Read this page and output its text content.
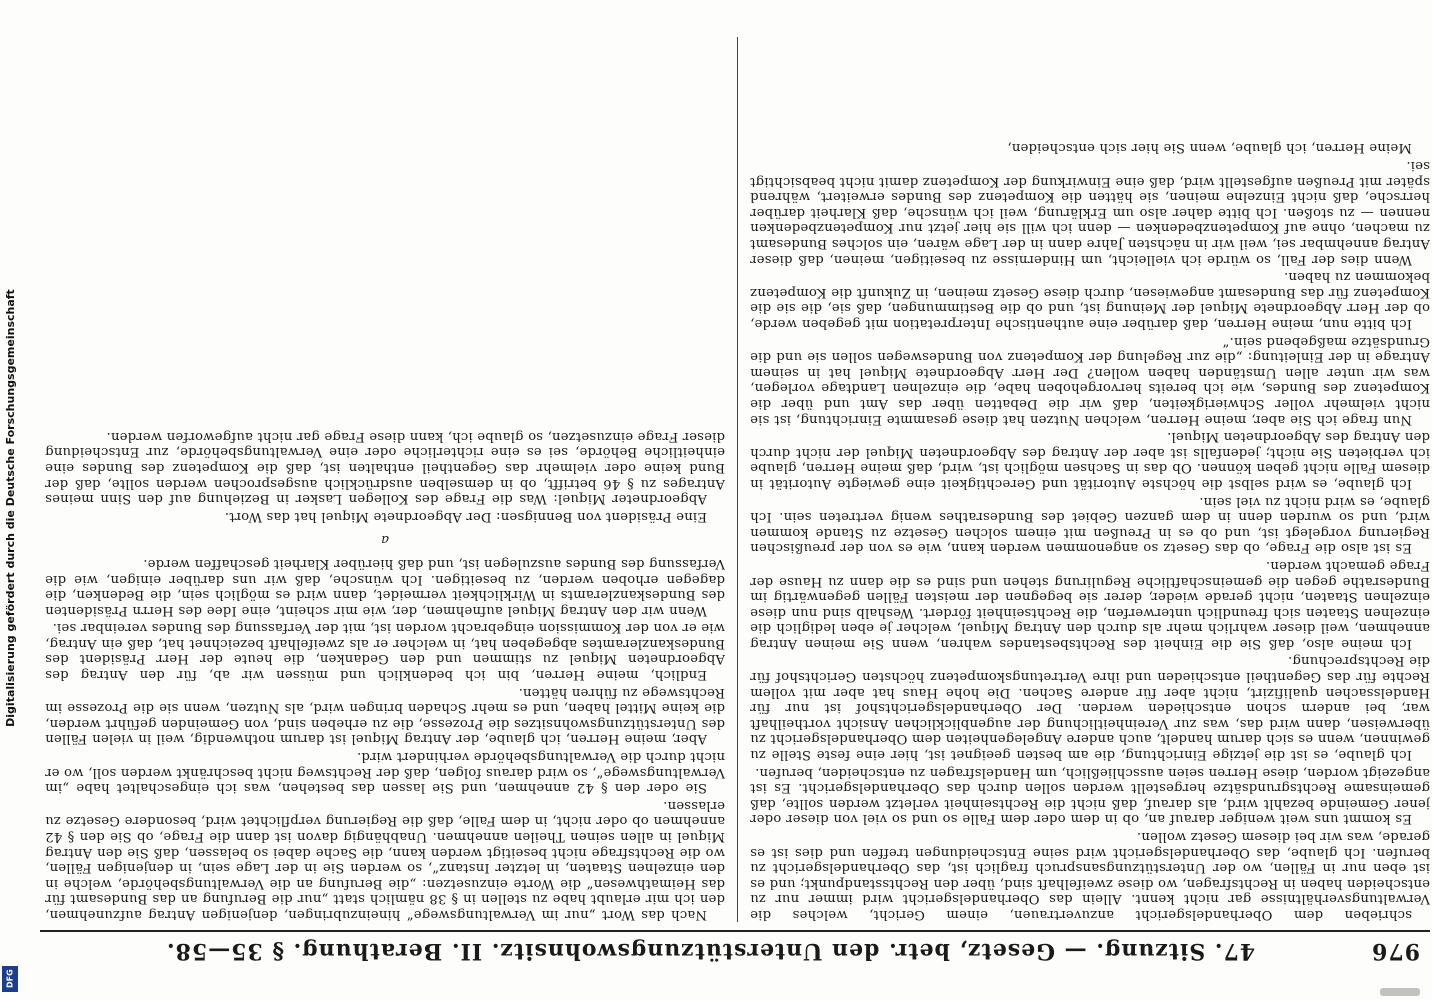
Digitalisierung gefördert durch die Deutsche Forschungsgemeinschaft
DFG
976
47. Sitzung. — Gesetz, betr. den Unterstützungswohnsitz. II. Berathung. § 35—58.

schrieben dem Oberhandelsgericht anzuvertrauen, einem Gericht, welches die Verwaltungsverhältnisse gar nicht kennt. Allein das Oberhandelsgericht wird immer nur zu entscheiden haben in Rechtsfragen, wo diese zweifelhaft sind, über den Rechtsstandpunkt; und es ist eben nur in Fällen, wo der Unterstützungsanspruch fraglich ist, das Oberhandelsgericht zu berufen. Ich glaube, das Oberhandelsgericht wird seine Entscheidungen treffen und dies ist es gerade, was wir bei diesem Gesetz wollen.

Es kommt uns weit weniger darauf an, ob in dem oder dem Falle so und so viel von dieser oder jener Gemeinde bezahlt wird, als darauf, daß nicht die Rechtseinheit verletzt werden sollte, daß gemeinsame Rechtsgrundsätze hergestellt werden sollen durch das Oberhandelsgericht. Es ist angezeigt worden, diese Herren seien ausschließlich, um Handelsfragen zu entscheiden, berufen.

Ich glaube, es ist die jetzige Einrichtung, die am besten geeignet ist, hier eine feste Stelle zu gewinnen, wenn es sich darum handelt, auch andere Angelegenheiten dem Oberhandelsgericht zu überweisen, dann wird das, was zur Vereinheitlichung der augenblicklichen Ansicht vortheilhaft war, bei andern schon entschieden werden. Der Oberhandelsgerichtshof ist nur für Handelssachen qualifizirt, nicht aber für andere Sachen. Die hohe Haus hat aber mit vollem Rechte für das Gegentheil entschieden und ihre Vertretungskompetenz höchsten Gerichtshof für die Rechtsprechung.

Ich meine also, daß Sie die Einheit des Rechtsbestandes wahren, wenn Sie meinen Antrag annehmen, weil dieser wahrlich mehr als durch den Antrag Miquel, welcher je eben lediglich die einzelnen Staaten sich freundlich unterwerfen, die Rechtseinheit fördert. Weshalb sind nun diese einzelnen Staaten, nicht gerade wieder, derer sie begegnen der meisten Fällen gegenwärtig im Bundesrathe gegen die gemeinschaftliche Regulirung stehen und sind es die dann zu Hause der Frage gemacht werden.

Es ist also die Frage, ob das Gesetz so angenommen werden kann, wie es von der preußischen Regierung vorgelegt ist, und ob es in Preußen mit einem solchen Gesetze zu Stande kommen wird, und so wurden denn in dem ganzen Gebiet des Bundesrathes wenig vertreten sein. Ich glaube, es wird nicht zu viel sein.

Ich glaube, es wird selbst die höchste Autorität und Gerechtigkeit eine gewiegte Autorität in diesem Falle nicht geben können. Ob das in Sachsen möglich ist, wird, daß meine Herren, glaube ich verbieten Sie nicht; jedenfalls ist aber der Antrag des Abgeordneten Miquel der nicht durch den Antrag des Abgeordneten Miquel.

Nun frage ich Sie aber, meine Herren, welchen Nutzen hat diese gesammte Einrichtung, ist sie nicht vielmehr voller Schwierigkeiten, daß wir die Debatten über das Amt und über die Kompetenz des Bundes, wie ich bereits hervorgehoben habe, die einzelnen Landtage vorlegen, was wir unter allen Umständen haben wollen? Der Herr Abgeordnete Miquel hat in seinem Antrage in der Einleitung: „die zur Regelung der Kompetenz von Bundeswegen sollen sie und die Grundsätze maßgebend sein.“

Ich bitte nun, meine Herren, daß darüber eine authentische Interpretation mit gegeben werde, ob der Herr Abgeordnete Miquel der Meinung ist, und ob die Bestimmungen, daß sie, die sie die Kompetenz für das Bundesamt angewiesen, durch diese Gesetz meinen, in Zukunft die Kompetenz bekommen zu haben.

Wenn dies der Fall, so würde ich vielleicht, um Hindernisse zu beseitigen, meinen, daß dieser Antrag annehmbar sei, weil wir in nächsten Jahre dann in der Lage wären, ein solches Bundesamt zu machen, ohne auf Kompetenzbedenken — denn ich will sie hier jetzt nur Kompetenzbedenken nennen — zu stoßen. Ich bitte daher also um Erklärung, weil ich wünsche, daß Klarheit darüber herrsche, daß nicht Einzelne meinen, sie hätten die Kompetenz des Bundes erweitert, während später mit Preußen aufgestellt wird, daß eine Einwirkung der Kompetenz damit nicht beabsichtigt sei.

Meine Herren, ich glaube, wenn Sie hier sich entscheiden,

Nach das Wort „nur im Verwaltungswege“ hineinzubringen, denjenigen Antrag aufzunehmen, den ich mir erlaubt habe zu stellen in § 38 nämlich statt „nur die Berufung an das Bundesamt für das Heimathwesen“ die Worte einzusetzen: „die Berufung an die Verwaltungsbehörde, welche in den einzelnen Staaten, in letzter Instanz“, so werden Sie in der Lage sein, in denjenigen Fällen, wo die Rechtsfrage nicht beseitigt werden kann, die Sache dabei so belassen, daß Sie den Antrag Miquel in allen seinen Theilen annehmen. Unabhängig davon ist dann die Frage, ob Sie den § 42 annehmen ob oder nicht, in dem Falle, daß die Regierung verpflichtet wird, besondere Gesetze zu erlassen.

Sie oder den § 42 annehmen, und Sie lassen das bestehen, was ich eingeschaltet habe „im Verwaltungswege“, so wird daraus folgen, daß der Rechtsweg nicht beschränkt werden soll, wo er nicht durch die Verwaltungsbehörde verhindert wird.

Aber, meine Herren, ich glaube, der Antrag Miquel ist darum nothwendig, weil in vielen Fällen des Unterstützungswohnsitzes die Prozesse, die zu erheben sind, von Gemeinden geführt werden, die keine Mittel haben, und es mehr Schaden bringen wird, als Nutzen, wenn sie die Prozesse im Rechtswege zu führen hätten.

Endlich, meine Herren, bin ich bedenklich und müssen wir ab, für den Antrag des Abgeordneten Miquel zu stimmen und den Gedanken, die heute der Herr Präsident des Bundeskanzleramtes abgegeben hat, in welcher er als zweifelhaft bezeichnet hat, daß ein Antrag, wie er von der Kommission eingebracht worden ist, mit der Verfassung des Bundes vereinbar sei.

Wenn wir den Antrag Miquel aufnehmen, der, wie mir scheint, eine Idee des Herrn Präsidenten des Bundeskanzleramts in Wirklichkeit vermeidet, dann wird es möglich sein, die Bedenken, die dagegen erhoben werden, zu beseitigen. Ich wünsche, daß wir uns darüber einigen, wie die Verfassung des Bundes auszulegen ist, und daß hierüber Klarheit geschaffen werde.

a

Eine Präsident von Bennigsen: Der Abgeordnete Miquel hat das Wort.

Abgeordneter Miquel: Was die Frage des Kollegen Lasker in Beziehung auf den Sinn meines Antrages zu § 46 betrifft, ob in demselben ausdrücklich ausgesprochen werden sollte, daß der Bund keine oder vielmehr das Gegentheil enthalten ist, daß die Kompetenz des Bundes eine einheitliche Behörde, sei es eine richterliche oder eine Verwaltungsbehörde, zur Entscheidung dieser Frage einzusetzen, so glaube ich, kann diese Frage gar nicht aufgeworfen werden.
